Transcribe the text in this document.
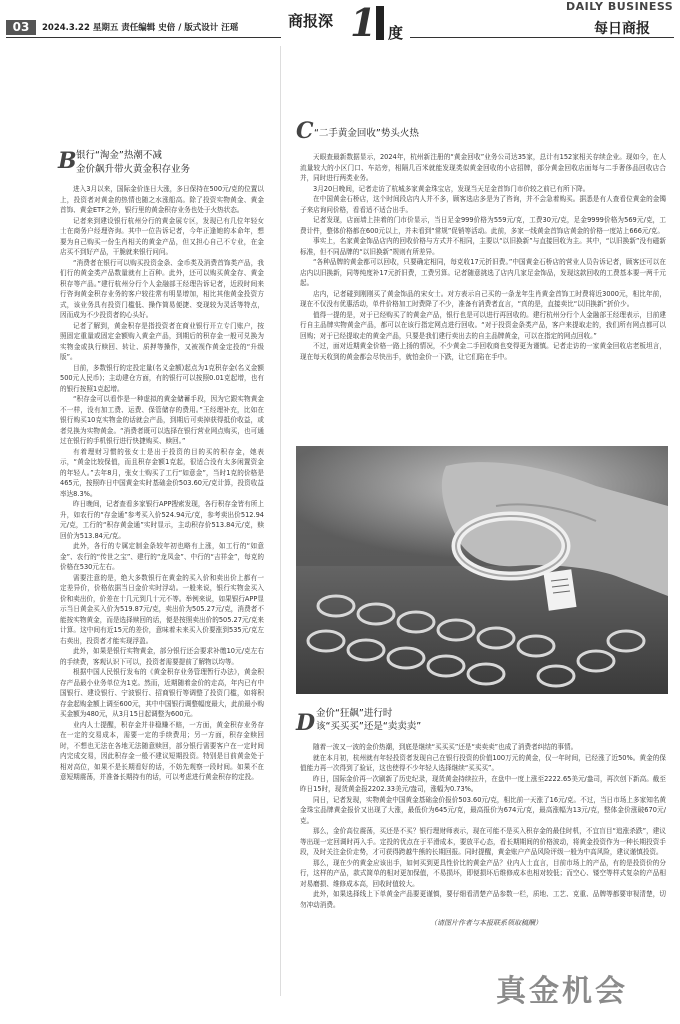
03	2024.3.22 星期五 责任编辑 史倍 / 版式设计 汪瑶	商报深 1 度
DAILY BUSINESS
每日商报
B 银行“淘金”热潮不减
金价飙升带火黄金积存业务

进入3月以来，国际金价连日大涨，多日保持在500元/克的位置以上，投资者对黄金的热情也随之水涨船高。除了投资实物黄金、黄金首饰、黄金ETF之外，银行里的黄金积存业务也处于火热状态。

记者来到建设银行杭州分行的黄金展专区，发现已有几位年轻女士在商务户经理咨询。其中一位告诉记者，今年正逢她的本命年，想要为自己购买一份生肖相关的黄金产品，但又担心自己不专业，在金店买不到好产品，干脆就来银行问问。

“消费者在银行可以购买投资金条、金币类及消费首饰类产品，我们行的黄金类产品数量就有上百种。此外，还可以购买黄金存、黄金积存等产品。”建行杭州分行个人金融部王经理告诉记者，近段时间来行咨询黄金积存业务的客户较往常有明显增加，相比其他黄金投资方式，该业务具有投资门槛低、操作简易便捷、变现较为灵活等特点，因而成为不少投资者的心头好。

记者了解到，黄金积存是指投资者在商业银行开立专门账户，按照固定重量或固定金额购入黄金产品，到期后的积存金一般可兑换为实物金或执行赎回、转让、质押等操作，又被视作黄金定投的“升级版”。

目前，多数银行的定投定量(名义金额)起点为1克积存金(名义金额500元人民币)；主动建仓方面，有的银行可以按照0.01克起增，也有的银行按照1克起增。

“积存金可以看作是一种虚拟的黄金储蓄手段，因为它跟实物黄金不一样，没有加工费、运费、保管储存的费用。”王经理补充，比如在银行购买10克实物金的话就会产品，到期后可卖掉获得抵价收益，或者兑换为实物黄金。“消费者既可以选择在银行营业网点购买，也可通过在银行的手机银行进行快捷购买、赎回。”

有着理财习惯的张女士是出于投资的目的买的积存金，她表示，“黄金比较保值，而且积存金额1克起，很适合没有太多闲置资金的年轻人。”去年8月，张女士购买了工行“如意金”，当时1克的价格是465元，按照昨日中国黄金实时基础金价503.60元/克计算，投资收益率达8.3%。

昨日晚间，记者查看多家银行APP搜索发现，各行积存金皆有所上升，如农行的“存金通”参考买入价524.94元/克，参考卖出价512.94元/克，工行的“积存黄金通”实时显示，主动积存价513.84元/克，赎回价为513.84元/克。

此外，各行的专属定制金条较年初也略有上涨，如工行的“如意金”、农行的“传世之宝”、建行的“龙凤金”、中行的“吉祥金”，每克的价格在530元左右。

需要注意的是，绝大多数银行在黄金的买入价和卖出价上都有一定差异价，价格依据当日金价实时浮动。一般来说，银行实物金买入价和卖出价，价差在十几元到几十元不等。举例来说，如果银行APP显示当日黄金买入价为519.87元/克，卖出价为505.27元/克，消费者不能按实物黄金，而是选择赎回的话，便是按照卖出价的505.27元/克来计算。这中间有近15元的差价，意味着未来买入价要涨到535元/克左右卖出，投资者才能实现浮盈。

此外，如果是银行实物黄金，部分银行还会要求补缴10元/克左右的手续费，客观认识下可以，投资者需要提前了解物以均等。

根据中国人民银行发布的《黄金积存业务管理暂行办法》，黄金积存产品最小业务单位为1克。然而，近期随着金价的走高，年内已有中国银行、建设银行、宁波银行、招商银行等调整了投资门槛，如将积存金起购金额上调至600元，其中中国银行调整幅度最大，此前最小购买金额为480元，从3月15日起调整为600元。

业内人士提醒，积存金并非稳赚不赔，一方面，黄金积存业务存在一定的交易成本，需要一定的手续费用；另一方面，积存金赎回时，不想也无法在各地无法随意赎回，部分银行需要客户在一定时间内完成交易，因此积存金一般不建议短期投资。特别是目前黄金处于相对高位，如果不是长期看好的话，不妨先观察一段时间。如果不在意短期震荡，并准备长期持有的话，可以考虑进行黄金积存的定投。

C “二手黄金回收”势头火热

天眼查最新数据显示，2024年，杭州新注册的“黄金回收”业务公司达35家，总计有152家相关存续企业。现如今，在人流量较大的小区门口、车站旁，相隔几百米就能发现类似黄金回收的小店招牌，部分黄金回收店面每与二手奢侈品回收店合并，同时进行两类业务。

3月20日晚间，记者走访了杭城多家黄金珠宝店，发现当天足金首饰门市价较之前已有所下降。

在中国黄金石桥店，这个时间段店内人并不多，顾客选店多是为了咨询，并不会急着购买。据悉是有人查看位黄金的金镯子来店询问价格，看看适不适合出手。

记者发现，店面墙上挂着的门市价显示，当日足金999价格为559元/克，工费30元/克，足金9999价格为569元/克，工费计件，整体价格都在600元以上，并未看到“常规”促销等活动。此前，多家一线黄金首饰店黄金的价格一度站上666元/克。

事实上，名家黄金饰品店内的回收价格与方式并不相同，主要以“以旧换新”与直接回收为主。其中，“以旧换新”没有磁新标准，但不同品牌的“以旧换新”规则有所差异。

“各种品牌的黄金都可以回收，只要确定相同，每克收17元折旧费。”中国黄金石桥店的营业人员告诉记者，顾客还可以在店内以旧换新，同等纯度补17元折旧费，工费另算。记者随意挑选了店内几家足金饰品，发现这款回收的工费基本要一两千元起。

店内，记者碰到刚刚买了黄金饰品的宋女士。对方表示自己买的一条龙年生肖黄金首饰工时费将近3000元，相比年前，现在不仅没有优惠活动，单件价格加工时费降了不少，准备有消费者直言，“真的是，直接卖比“以旧换新”折价少。

值得一提的是，对于已经购买了的黄金产品，银行也是可以进行再回收的。建行杭州分行个人金融部王经理表示，目前建行自主品牌实物黄金产品，都可以在该行指定网点进行回收。“对于投资金条类产品，客户来提取走的，我们所有网点都可以回购；对于已经提取走的黄金产品，只要是我们建行卖出去的自主品牌黄金，可以在指定的网点回收。”

不过，面对近期黄金价格一路上扬的情况，不少黄金二手回收商也变得更为谨慎。记者走访的一家黄金回收店老板坦言，现在每天收到的黄金都会尽快出手，就怕金价一下跌，让它们陷在手中。

D 金价“狂飙”进行时
该“买买买”还是“卖卖卖”

随着一波又一波的金价热潮，到底是继续“买买买”还是“卖卖卖”也成了消费者纠结的事情。

就在本月初，杭州就有年轻投资者发现自己在银行投资的价值100万元的黄金，仅一年时间，已经涨了近50%。黄金的保值能力再一次得到了验证，这也使得不少年轻人选择继续“买买买”。

昨日，国际金价再一次刷新了历史纪录，现货黄金持续拉升，在盘中一度上涨至2222.65美元/盎司，再次创下新高。截至昨日15时，现货黄金报2202.33美元/盎司，涨幅为0.73%。

同日，记者发现，实物黄金中国黄金基础金价报价503.60元/克，相比前一天涨了16元/克。不过，当日市场上多家知名黄金珠宝品牌黄金报价又出现了大涨，最低价为645元/克，最高报价为674元/克，最高涨幅为13元/克，整体金价涨破670元/克。

那么，金价高位震荡，买还是不买？银行理财师表示，现在可能不是买入积存金的最佳时机，不宜盲目“追涨杀跌”，建议等出现一定回调时再入手。定投的优点在于平滑成本，要放平心态，看长期期间的价格波动，将黄金投资作为一种长期投资手段，及时关注金价走势，才可获得跨越牛熊的长期回报。同时提醒，黄金账户产品风险评级一般为中高风险，建议谨慎投资。

那么，现在少的黄金应该出手，如何买到更具性价比的黄金产品？业内人士直言，目前市场上的产品，有的是投资价的分行，这样的产品，款式简单的相对更加保值，不易损坏，即便损坏后维修成本也相对较低；而空心、镂空等样式复杂的产品相对易磨损、维修成本高，回收时值较大。

此外，如果选择线上下单黄金产品要更谨慎，要仔细看清楚产品参数一栏，质地、工艺、克重、品牌等都要审视清楚，切勿冲动消费。

（请图片作者与本报联系领取稿酬）
真金机会
